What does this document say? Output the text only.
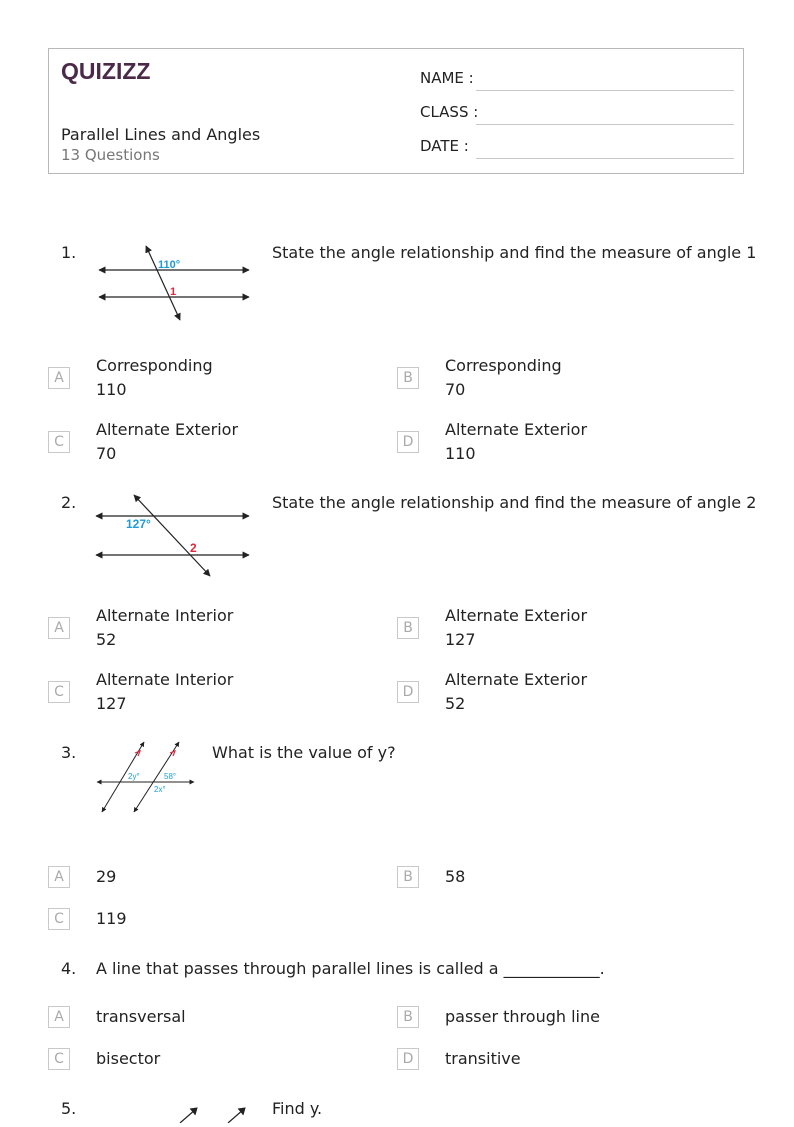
QUIZIZZ
Parallel Lines and Angles
13 Questions
NAME :
CLASS :
DATE :
1.
110°
1
State the angle relationship and find the measure of angle 1
A
Corresponding
110
B
Corresponding
70
C
Alternate Exterior
70
D
Alternate Exterior
110
2.
127°
2
State the angle relationship and find the measure of angle 2
A
Alternate Interior
52
B
Alternate Exterior
127
C
Alternate Interior
127
D
Alternate Exterior
52
3.
2y°	58°
2x°
What is the value of y?
A	29	B	58
C	119
4. A line that passes through parallel lines is called a ____________.
A	transversal	B	passer through line
C	bisector	D	transitive
5.	Find y.
